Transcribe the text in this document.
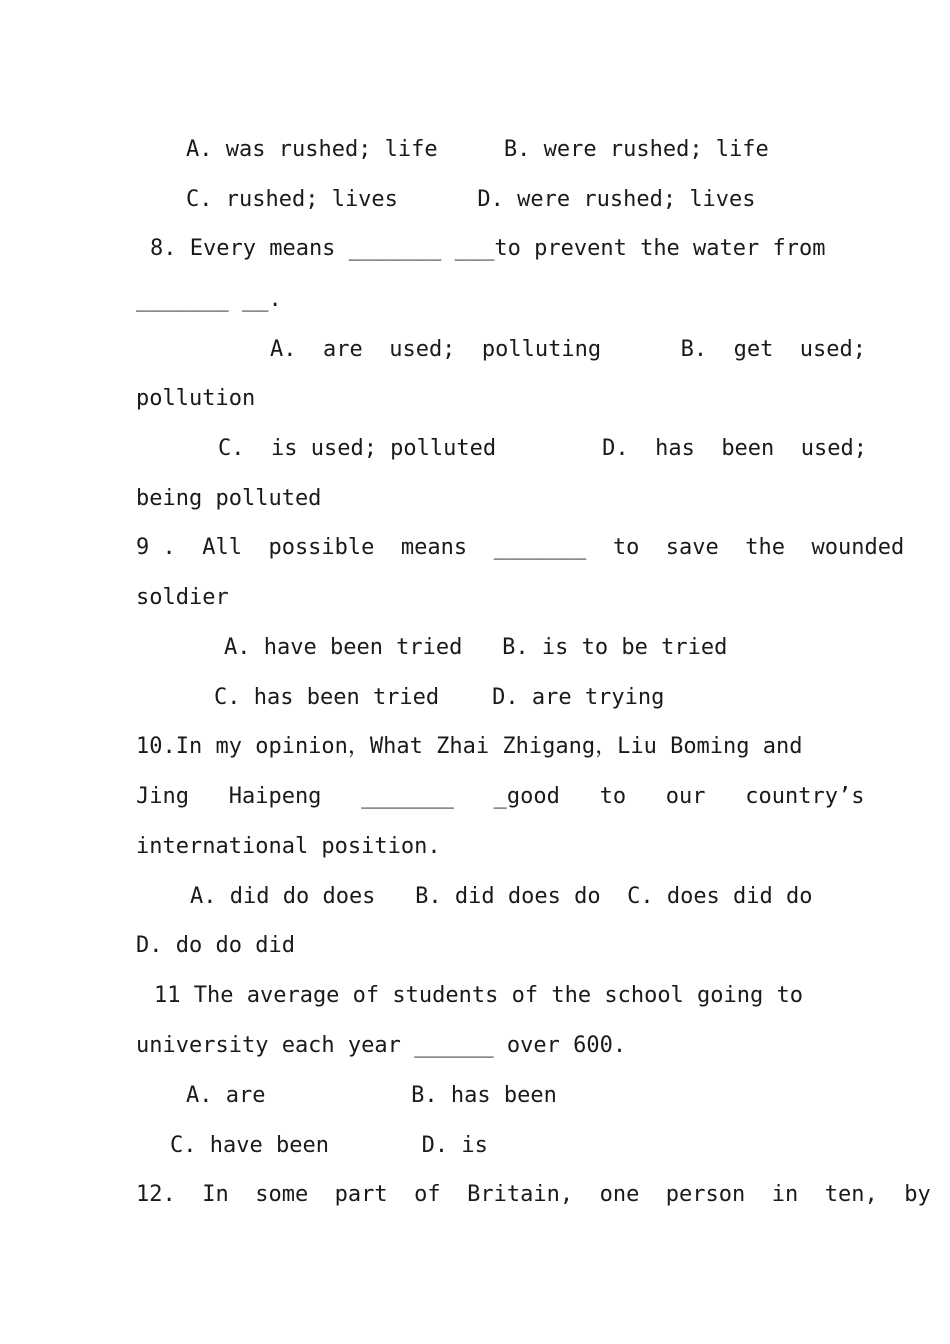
A. was rushed; life     B. were rushed; life
C. rushed; lives      D. were rushed; lives
8. Every means _______ ___to prevent the water from
_______ __.
A.  are  used;  polluting      B.  get  used;
pollution
C.  is used; polluted        D.  has  been  used;
being polluted
9 .  All  possible  means  _______  to  save  the  wounded
soldier
A. have been tried   B. is to be tried
C. has been tried    D. are trying
10.In my opinion，What Zhai Zhigang，Liu Boming and
Jing   Haipeng   _______   _good   to   our   country’s
international position.
A. did do does   B. did does do  C. does did do
D. do do did
11 The average of students of the school going to
university each year ______ over 600.
A. are           B. has been
C. have been       D. is
12.  In  some  part  of  Britain,  one  person  in  ten,  by
